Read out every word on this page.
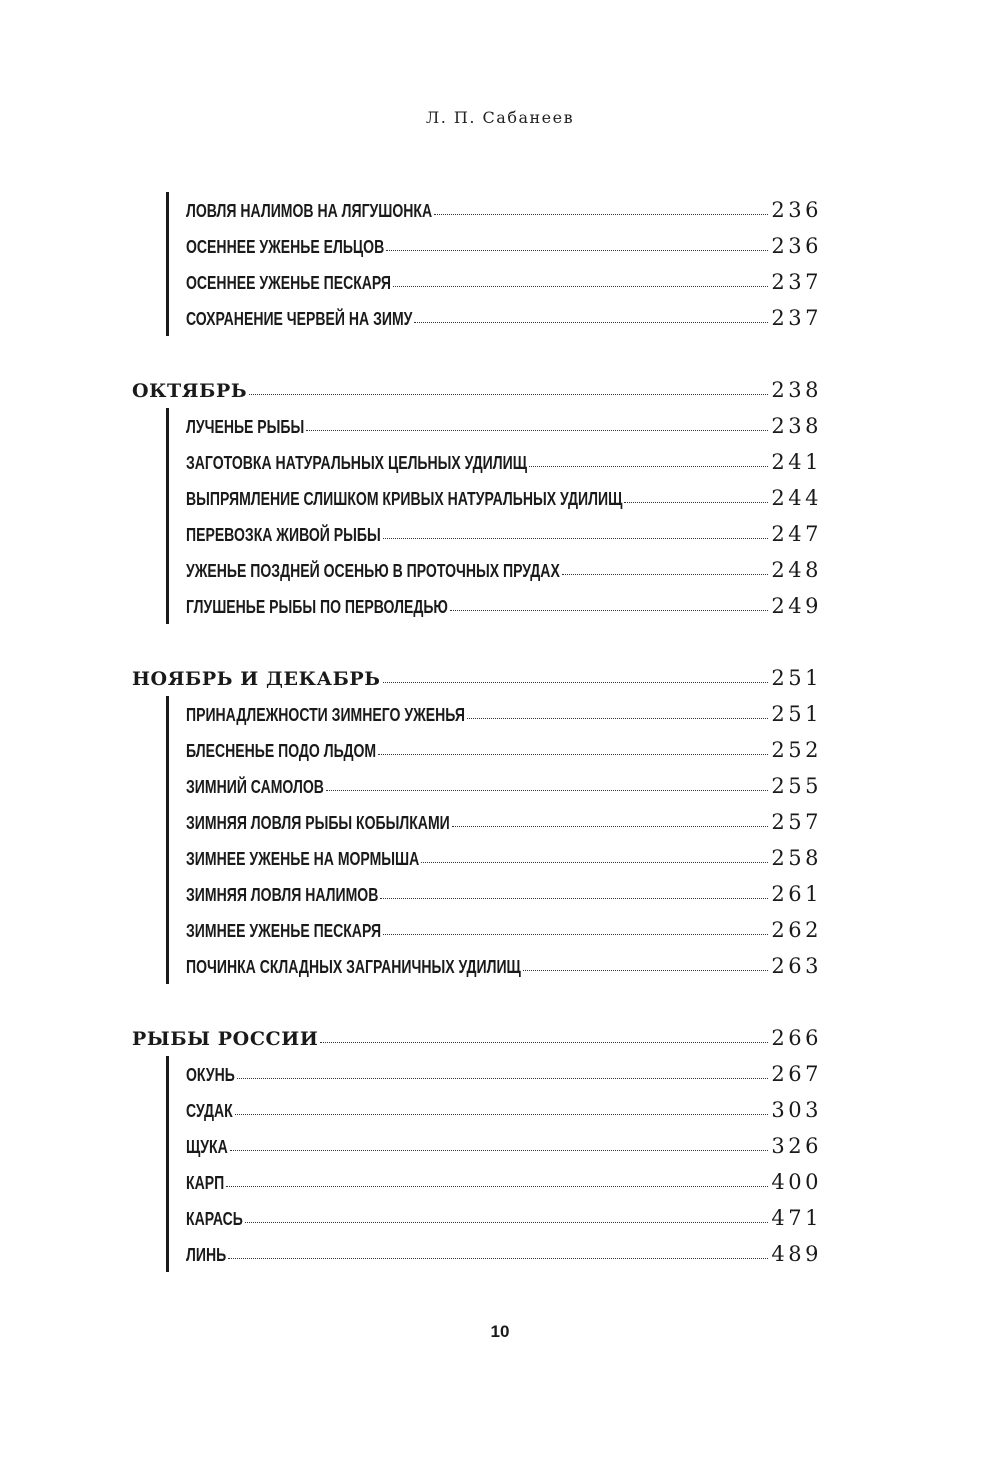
Л. П. Сабанеев
ЛОВЛЯ НАЛИМОВ НА ЛЯГУШОНКА	236
ОСЕННЕЕ УЖЕНЬЕ ЕЛЬЦОВ	236
ОСЕННЕЕ УЖЕНЬЕ ПЕСКАРЯ	237
СОХРАНЕНИЕ ЧЕРВЕЙ НА ЗИМУ	237
ОКТЯБРЬ	238
ЛУЧЕНЬЕ РЫБЫ	238
ЗАГОТОВКА НАТУРАЛЬНЫХ ЦЕЛЬНЫХ УДИЛИЩ	241
ВЫПРЯМЛЕНИЕ СЛИШКОМ КРИВЫХ НАТУРАЛЬНЫХ УДИЛИЩ	244
ПЕРЕВОЗКА ЖИВОЙ РЫБЫ	247
УЖЕНЬЕ ПОЗДНЕЙ ОСЕНЬЮ В ПРОТОЧНЫХ ПРУДАХ	248
ГЛУШЕНЬЕ РЫБЫ ПО ПЕРВОЛЕДЬЮ	249
НОЯБРЬ И ДЕКАБРЬ	251
ПРИНАДЛЕЖНОСТИ ЗИМНЕГО УЖЕНЬЯ	251
БЛЕСНЕНЬЕ ПОДО ЛЬДОМ	252
ЗИМНИЙ САМОЛОВ	255
ЗИМНЯЯ ЛОВЛЯ РЫБЫ КОБЫЛКАМИ	257
ЗИМНЕЕ УЖЕНЬЕ НА МОРМЫША	258
ЗИМНЯЯ ЛОВЛЯ НАЛИМОВ	261
ЗИМНЕЕ УЖЕНЬЕ ПЕСКАРЯ	262
ПОЧИНКА СКЛАДНЫХ ЗАГРАНИЧНЫХ УДИЛИЩ	263
РЫБЫ РОССИИ	266
ОКУНЬ	267
СУДАК	303
ЩУКА	326
КАРП	400
КАРАСЬ	471
ЛИНЬ	489
10
